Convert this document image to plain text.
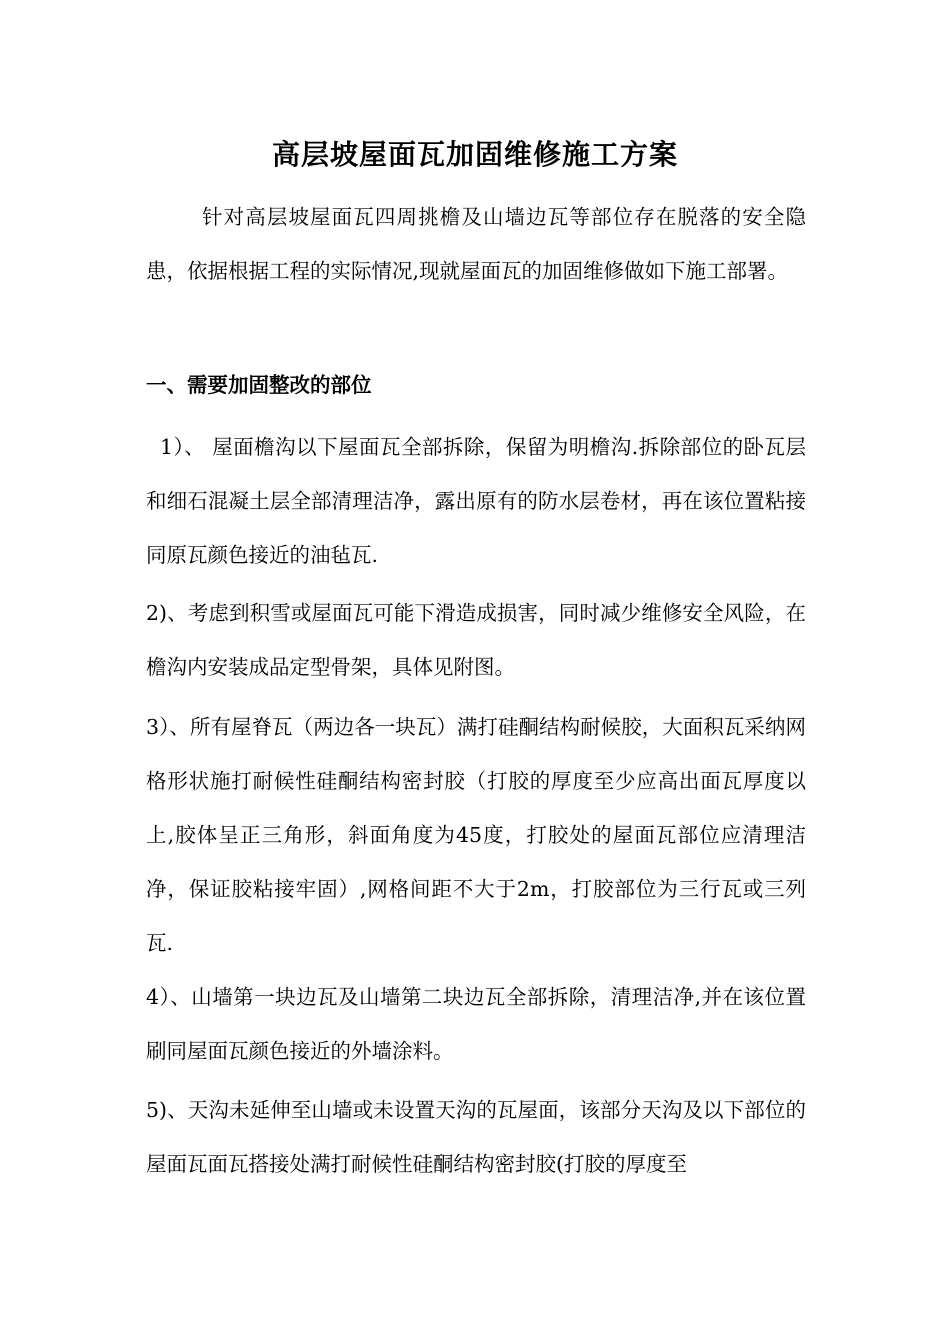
高层坡屋面瓦加固维修施工方案

针对高层坡屋面瓦四周挑檐及山墙边瓦等部位存在脱落的安全隐患，依据根据工程的实际情况,现就屋面瓦的加固维修做如下施工部署。

一、需要加固整改的部位

1）、 屋面檐沟以下屋面瓦全部拆除，保留为明檐沟.拆除部位的卧瓦层和细石混凝土层全部清理洁净，露出原有的防水层卷材，再在该位置粘接同原瓦颜色接近的油毡瓦.

2)、考虑到积雪或屋面瓦可能下滑造成损害，同时减少维修安全风险，在檐沟内安装成品定型骨架，具体见附图。

3）、所有屋脊瓦（两边各一块瓦）满打硅酮结构耐候胶，大面积瓦采纳网格形状施打耐候性硅酮结构密封胶（打胶的厚度至少应高出面瓦厚度以上,胶体呈正三角形，斜面角度为45度，打胶处的屋面瓦部位应清理洁净，保证胶粘接牢固）,网格间距不大于2m，打胶部位为三行瓦或三列瓦.

4）、山墙第一块边瓦及山墙第二块边瓦全部拆除，清理洁净,并在该位置刷同屋面瓦颜色接近的外墙涂料。

5)、天沟未延伸至山墙或未设置天沟的瓦屋面，该部分天沟及以下部位的屋面瓦面瓦搭接处满打耐候性硅酮结构密封胶(打胶的厚度至
